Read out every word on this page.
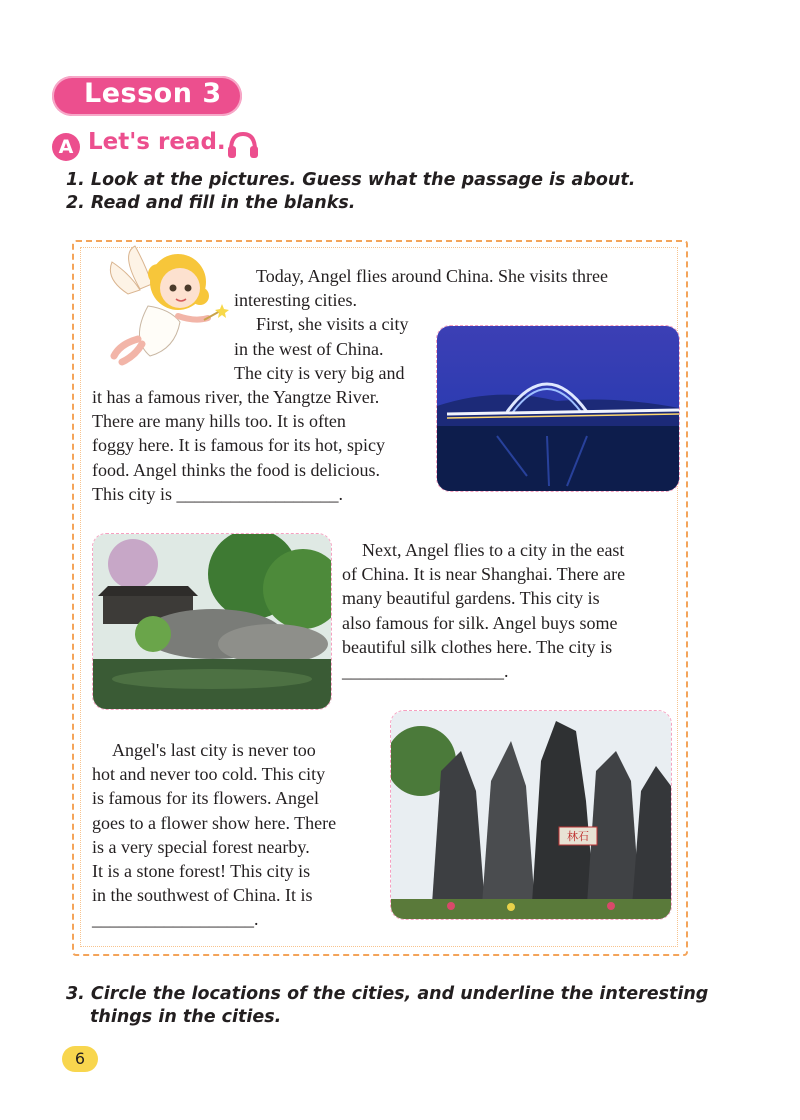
Lesson 3
A Let's read.
1. Look at the pictures. Guess what the passage is about.
2. Read and fill in the blanks.
Today, Angel flies around China. She visits three
interesting cities.
First, she visits a city
in the west of China.
The city is very big and
it has a famous river, the Yangtze River.
There are many hills too. It is often
foggy here. It is famous for its hot, spicy
food. Angel thinks the food is delicious.
This city is __________________.
Next, Angel flies to a city in the east
of China. It is near Shanghai. There are
many beautiful gardens. This city is
also famous for silk. Angel buys some
beautiful silk clothes here. The city is
__________________.
Angel's last city is never too
hot and never too cold. This city
is famous for its flowers. Angel
goes to a flower show here. There
is a very special forest nearby.
It is a stone forest! This city is
in the southwest of China. It is
__________________.
林石
3. Circle the locations of the cities, and underline the interesting
things in the cities.
6
